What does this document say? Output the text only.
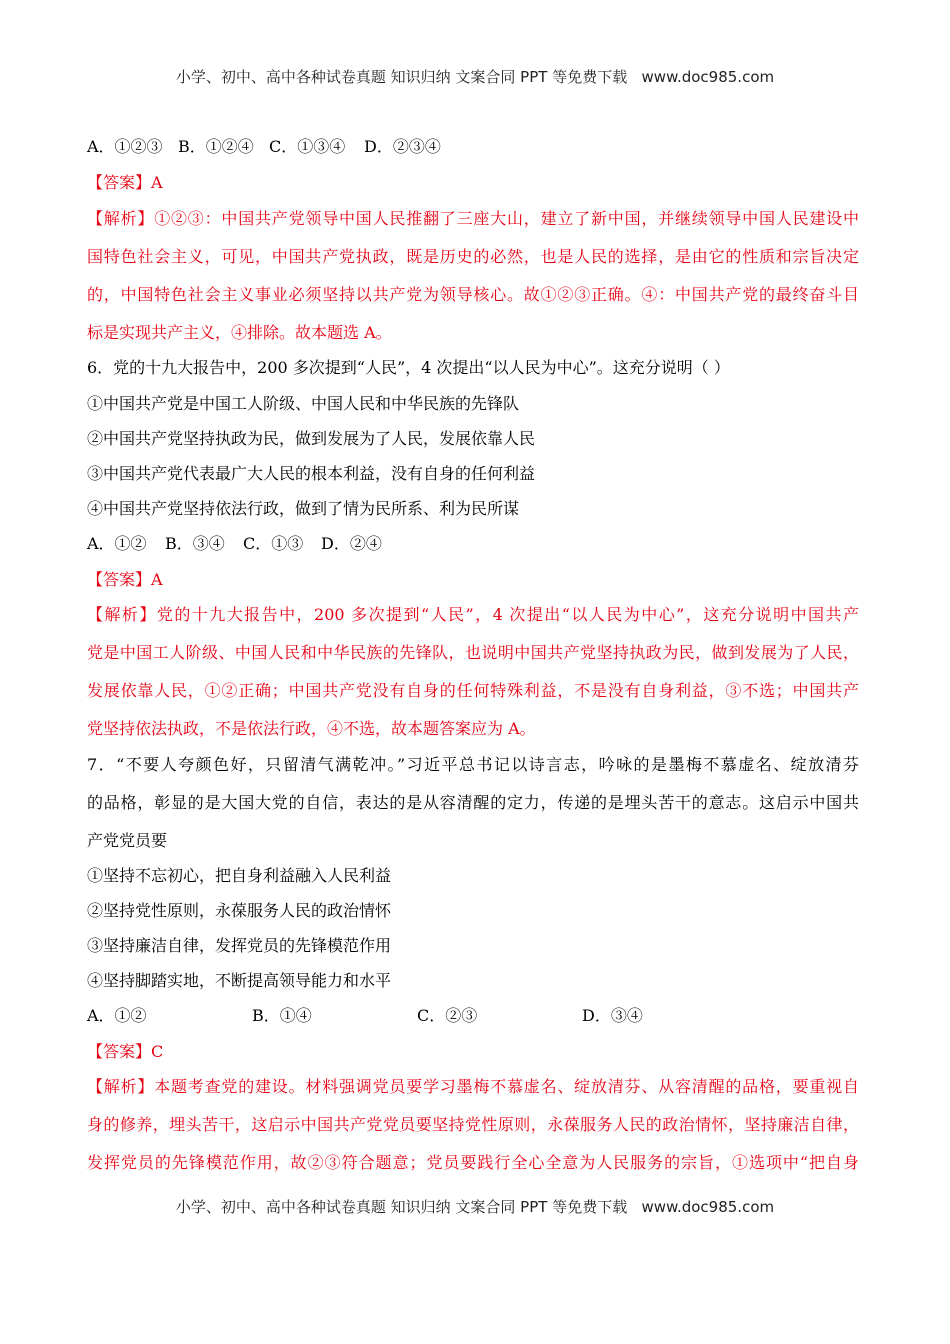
小学、初中、高中各种试卷真题 知识归纳 文案合同 PPT 等免费下载 www.doc985.com
小学、初中、高中各种试卷真题 知识归纳 文案合同 PPT 等免费下载 www.doc985.com
A．①②③ B．①②④ C．①③④ D．②③④
【答案】A
【解析】①②③：中国共产党领导中国人民推翻了三座大山，建立了新中国，并继续领导中国人民建设中
国特色社会主义，可见，中国共产党执政，既是历史的必然，也是人民的选择，是由它的性质和宗旨决定
的，中国特色社会主义事业必须坚持以共产党为领导核心。故①②③正确。④：中国共产党的最终奋斗目
标是实现共产主义，④排除。故本题选 A。
6．党的十九大报告中，200 多次提到“人民”，4 次提出“以人民为中心”。这充分说明（ ）
①中国共产党是中国工人阶级、中国人民和中华民族的先锋队
②中国共产党坚持执政为民，做到发展为了人民，发展依靠人民
③中国共产党代表最广大人民的根本利益，没有自身的任何利益
④中国共产党坚持依法行政，做到了情为民所系、利为民所谋
A．①② B．③④ C．①③ D．②④
【答案】A
【解析】党的十九大报告中，200 多次提到“人民”，4 次提出“以人民为中心”，这充分说明中国共产
党是中国工人阶级、中国人民和中华民族的先锋队，也说明中国共产党坚持执政为民，做到发展为了人民，
发展依靠人民，①②正确；中国共产党没有自身的任何特殊利益，不是没有自身利益，③不选；中国共产
党坚持依法执政，不是依法行政，④不选，故本题答案应为 A。
7．“不要人夸颜色好，只留清气满乾冲。”习近平总书记以诗言志，吟咏的是墨梅不慕虚名、绽放清芬
的品格，彰显的是大国大党的自信，表达的是从容清醒的定力，传递的是埋头苦干的意志。这启示中国共
产党党员要
①坚持不忘初心，把自身利益融入人民利益
②坚持党性原则，永葆服务人民的政治情怀
③坚持廉洁自律，发挥党员的先锋模范作用
④坚持脚踏实地，不断提高领导能力和水平
A．①②	B．①④	C．②③	D．③④
【答案】C
【解析】本题考查党的建设。材料强调党员要学习墨梅不慕虚名、绽放清芬、从容清醒的品格，要重视自
身的修养，埋头苦干，这启示中国共产党党员要坚持党性原则，永葆服务人民的政治情怀，坚持廉洁自律，
发挥党员的先锋模范作用，故②③符合题意；党员要践行全心全意为人民服务的宗旨，①选项中“把自身
